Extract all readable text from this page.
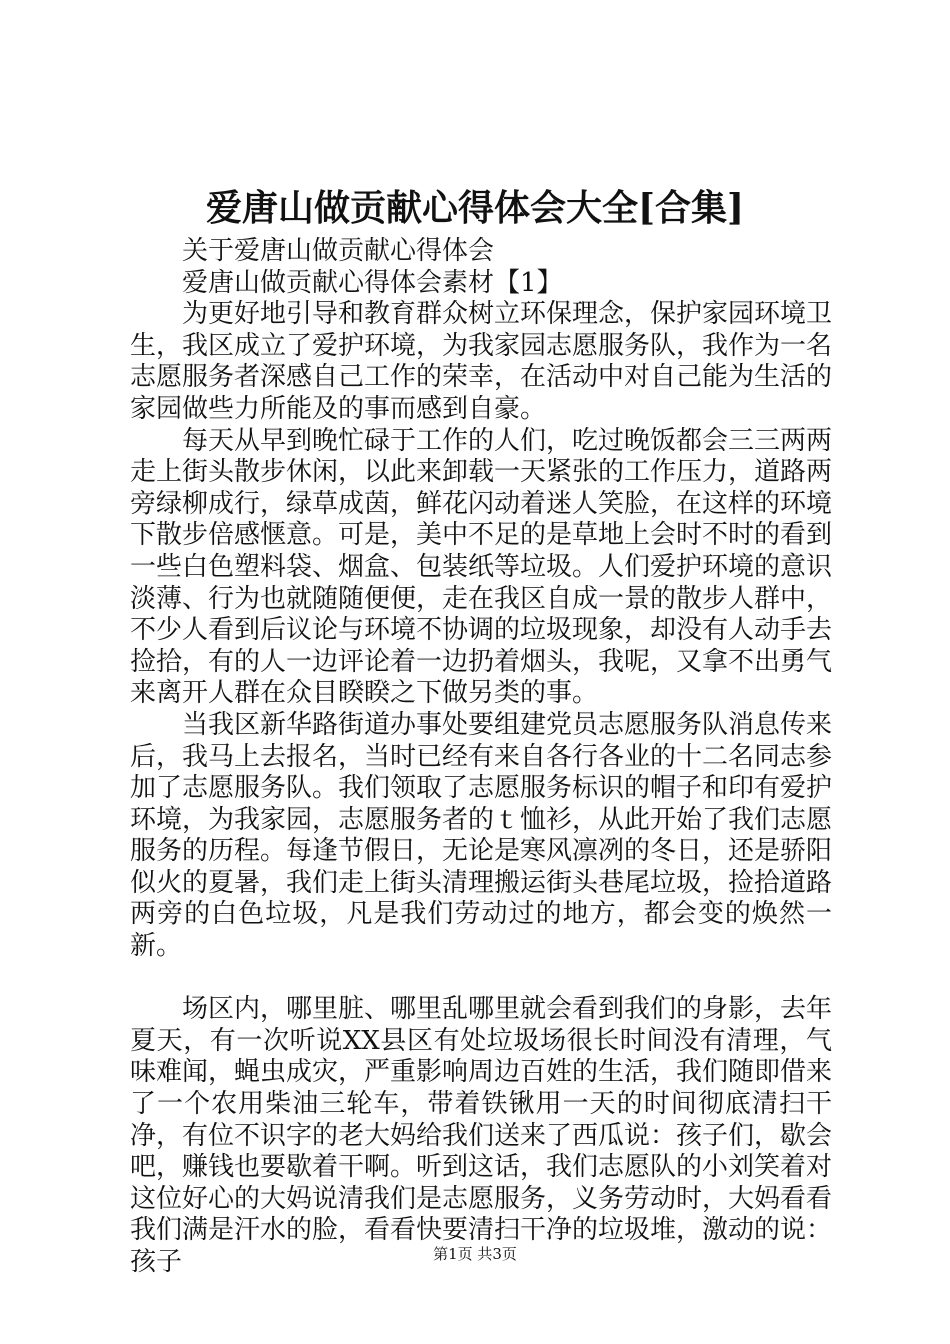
爱唐山做贡献心得体会大全[合集]

关于爱唐山做贡献心得体会

爱唐山做贡献心得体会素材【1】

为更好地引导和教育群众树立环保理念，保护家园环境卫生，我区成立了爱护环境，为我家园志愿服务队，我作为一名志愿服务者深感自己工作的荣幸，在活动中对自己能为生活的家园做些力所能及的事而感到自豪。

每天从早到晚忙碌于工作的人们，吃过晚饭都会三三两两走上街头散步休闲，以此来卸载一天紧张的工作压力，道路两旁绿柳成行，绿草成茵，鲜花闪动着迷人笑脸，在这样的环境下散步倍感惬意。可是，美中不足的是草地上会时不时的看到一些白色塑料袋、烟盒、包装纸等垃圾。人们爱护环境的意识淡薄、行为也就随随便便，走在我区自成一景的散步人群中，不少人看到后议论与环境不协调的垃圾现象，却没有人动手去捡拾，有的人一边评论着一边扔着烟头，我呢，又拿不出勇气来离开人群在众目睽睽之下做另类的事。

当我区新华路街道办事处要组建党员志愿服务队消息传来后，我马上去报名，当时已经有来自各行各业的十二名同志参加了志愿服务队。我们领取了志愿服务标识的帽子和印有爱护环境，为我家园，志愿服务者的ｔ恤衫，从此开始了我们志愿服务的历程。每逢节假日，无论是寒风凛冽的冬日，还是骄阳似火的夏暑，我们走上街头清理搬运街头巷尾垃圾，捡拾道路两旁的白色垃圾，凡是我们劳动过的地方，都会变的焕然一新。

场区内，哪里脏、哪里乱哪里就会看到我们的身影，去年夏天，有一次听说XX县区有处垃圾场很长时间没有清理，气味难闻，蝇虫成灾，严重影响周边百姓的生活，我们随即借来了一个农用柴油三轮车，带着铁锹用一天的时间彻底清扫干净，有位不识字的老大妈给我们送来了西瓜说：孩子们，歇会吧，赚钱也要歇着干啊。听到这话，我们志愿队的小刘笑着对这位好心的大妈说清我们是志愿服务，义务劳动时，大妈看看我们满是汗水的脸，看看快要清扫干净的垃圾堆，激动的说：孩子	第1页 共3页
